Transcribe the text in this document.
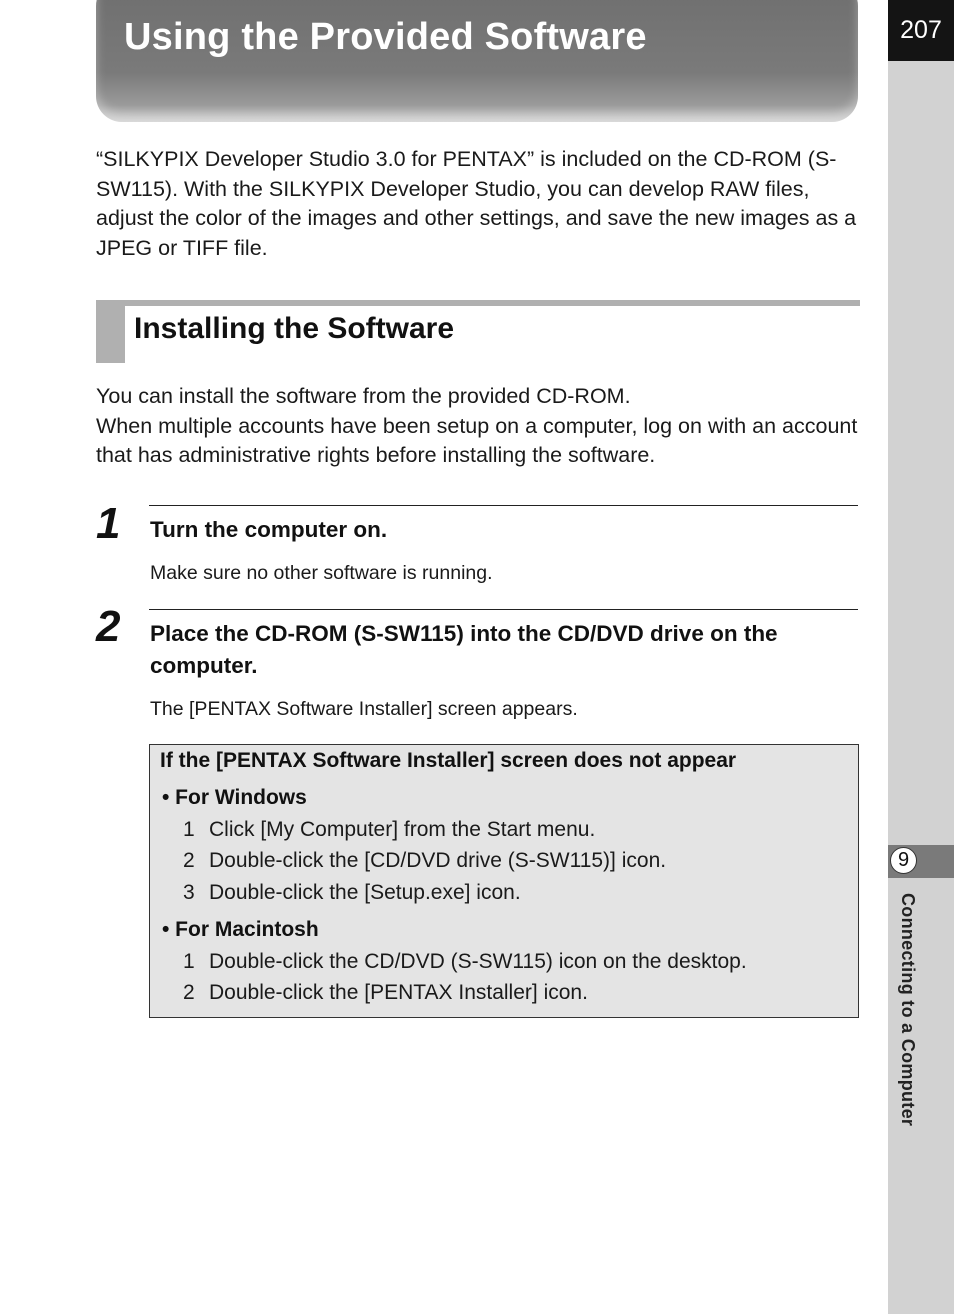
207
9
Connecting to a Computer
Using the Provided Software
“SILKYPIX Developer Studio 3.0 for PENTAX” is included on the CD-ROM (S-SW115). With the SILKYPIX Developer Studio, you can develop RAW files, adjust the color of the images and other settings, and save the new images as a JPEG or TIFF file.
Installing the Software
You can install the software from the provided CD-ROM.
When multiple accounts have been setup on a computer, log on with an account that has administrative rights before installing the software.
1 Turn the computer on.
Make sure no other software is running.
2 Place the CD-ROM (S-SW115) into the CD/DVD drive on the computer.
The [PENTAX Software Installer] screen appears.
If the [PENTAX Software Installer] screen does not appear
• For Windows
1 Click [My Computer] from the Start menu.
2 Double-click the [CD/DVD drive (S-SW115)] icon.
3 Double-click the [Setup.exe] icon.
• For Macintosh
1 Double-click the CD/DVD (S-SW115) icon on the desktop.
2 Double-click the [PENTAX Installer] icon.
